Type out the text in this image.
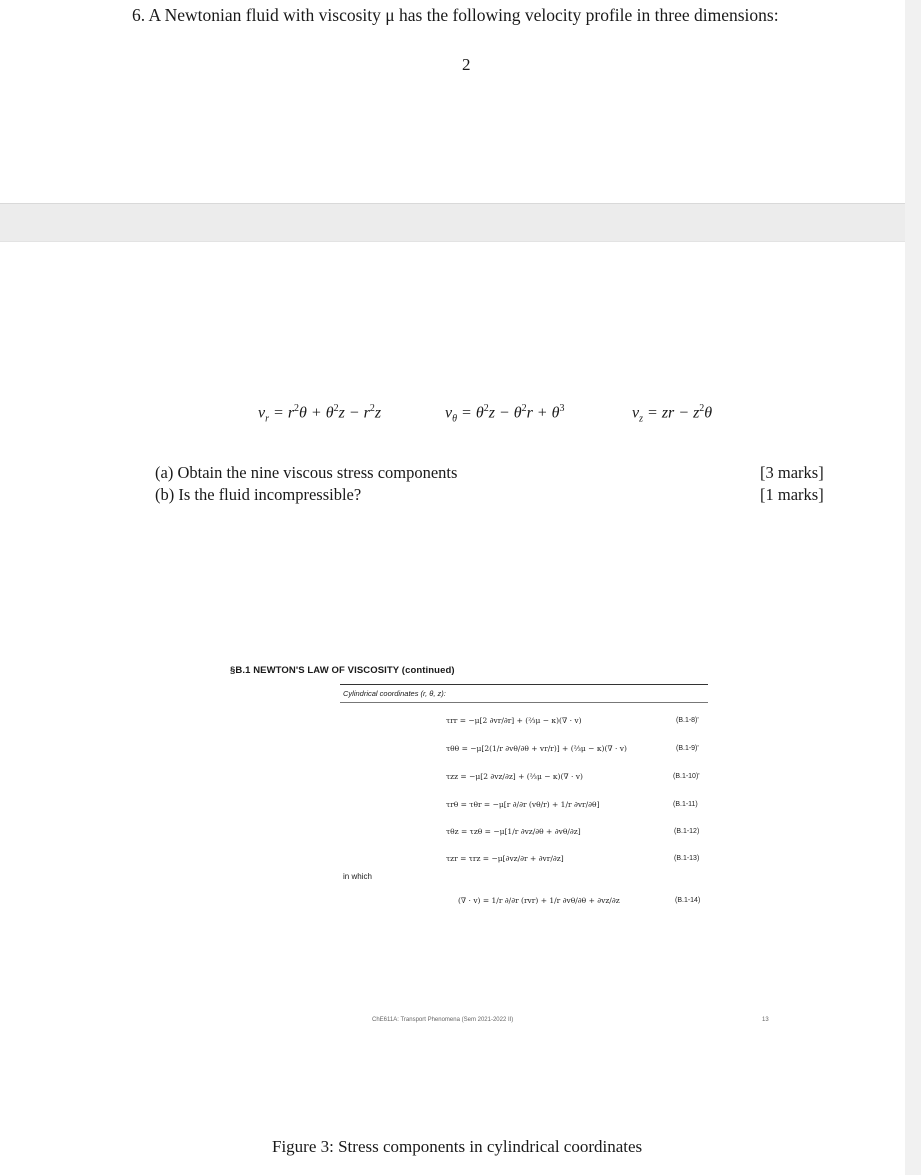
6. A Newtonian fluid with viscosity μ has the following velocity profile in three dimensions:
2
$v_r = r^2\theta + \theta^2z - r^2z$	$v_\theta = \theta^2z - \theta^2r + \theta^3$	$v_z$ = zr − $z^2\theta$
(a) Obtain the nine viscous stress components	[3 marks]
(b) Is the fluid incompressible?	[1 marks]
§B.1 NEWTON'S LAW OF VISCOSITY (continued)
Cylindrical coordinates (r, θ, z):
τrr = −μ[2 ∂vr/∂r] + (⅔μ − κ)(∇ · v)	(B.1-8)'
τθθ = −μ[2(1/r ∂vθ/∂θ + vr/r)] + (⅔μ − κ)(∇ · v)	(B.1-9)'
τzz = −μ[2 ∂vz/∂z] + (⅔μ − κ)(∇ · v)	(B.1-10)'
τrθ = τθr = −μ[r ∂/∂r (vθ/r) + 1/r ∂vr/∂θ]	(B.1-11)
τθz = τzθ = −μ[1/r ∂vz/∂θ + ∂vθ/∂z]	(B.1-12)
τzr = τrz = −μ[∂vz/∂r + ∂vr/∂z]	(B.1-13)
in which
(∇ · v) = 1/r ∂/∂r (rvr) + 1/r ∂vθ/∂θ + ∂vz/∂z	(B.1-14)
ChE611A: Transport Phenomena (Sem 2021-2022 II)	13
Figure 3: Stress components in cylindrical coordinates
